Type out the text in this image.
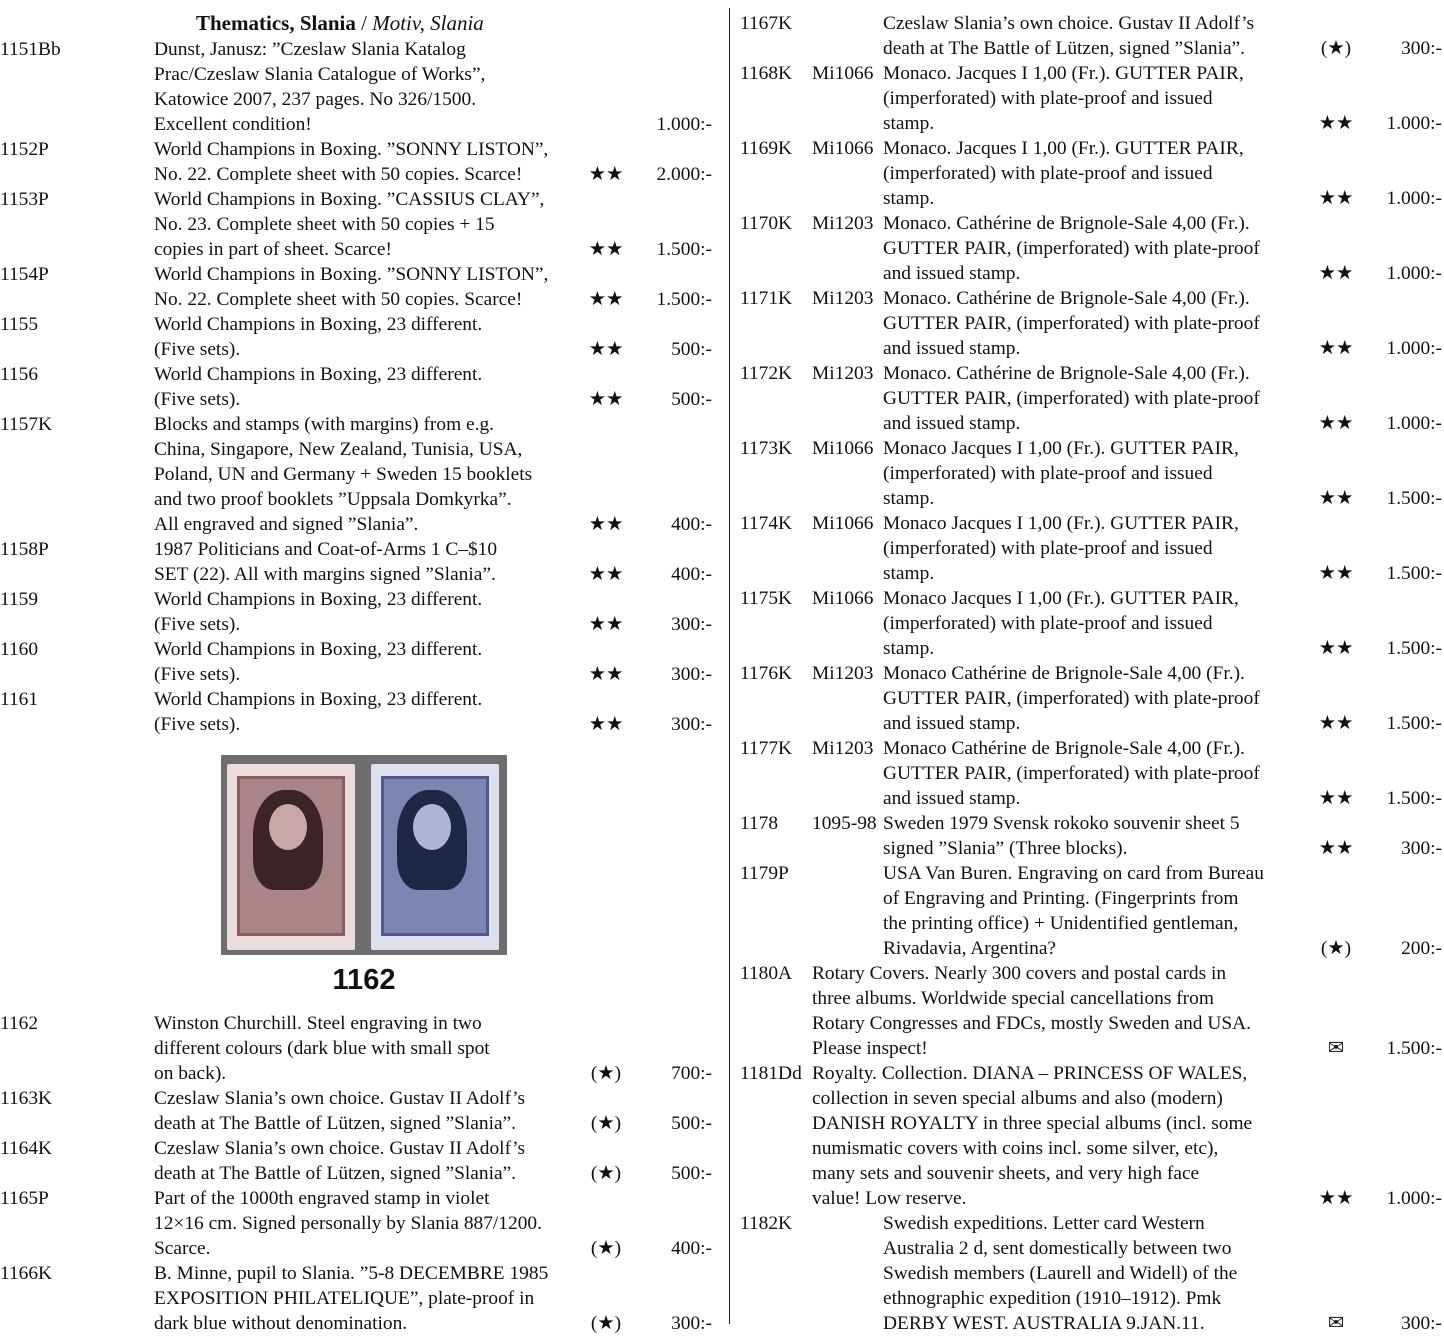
Thematics, Slania / Motiv, Slania
1151Bb	Dunst, Janusz: ”Czeslaw Slania Katalog
Prac/Czeslaw Slania Catalogue of Works”,
Katowice 2007, 237 pages. No 326/1500.
Excellent condition!	1.000:-
1152P	World Champions in Boxing. ”SONNY LISTON”,
No. 22. Complete sheet with 50 copies. Scarce!	★★	2.000:-
1153P	World Champions in Boxing. ”CASSIUS CLAY”,
No. 23. Complete sheet with 50 copies + 15
copies in part of sheet. Scarce!	★★	1.500:-
1154P	World Champions in Boxing. ”SONNY LISTON”,
No. 22. Complete sheet with 50 copies. Scarce!	★★	1.500:-
1155	World Champions in Boxing, 23 different.
(Five sets).	★★	500:-
1156	World Champions in Boxing, 23 different.
(Five sets).	★★	500:-
1157K	Blocks and stamps (with margins) from e.g.
China, Singapore, New Zealand, Tunisia, USA,
Poland, UN and Germany + Sweden 15 booklets
and two proof booklets ”Uppsala Domkyrka”.
All engraved and signed ”Slania”.	★★	400:-
1158P	1987 Politicians and Coat-of-Arms 1 C–$10
SET (22). All with margins signed ”Slania”.	★★	400:-
1159	World Champions in Boxing, 23 different.
(Five sets).	★★	300:-
1160	World Champions in Boxing, 23 different.
(Five sets).	★★	300:-
1161	World Champions in Boxing, 23 different.
(Five sets).	★★	300:-
1162	Winston Churchill. Steel engraving in two
different colours (dark blue with small spot
on back).	(★)	700:-
1163K	Czeslaw Slania’s own choice. Gustav II Adolf’s
death at The Battle of Lützen, signed ”Slania”.	(★)	500:-
1164K	Czeslaw Slania’s own choice. Gustav II Adolf’s
death at The Battle of Lützen, signed ”Slania”.	(★)	500:-
1165P	Part of the 1000th engraved stamp in violet
12×16 cm. Signed personally by Slania 887/1200.
Scarce.	(★)	400:-
1166K	B. Minne, pupil to Slania. ”5-8 DECEMBRE 1985
EXPOSITION PHILATELIQUE”, plate-proof in
dark blue without denomination.	(★)	300:-
1162
1167K	Czeslaw Slania’s own choice. Gustav II Adolf’s
death at The Battle of Lützen, signed ”Slania”.	(★)	300:-
1168K Mi1066 Monaco. Jacques I 1,00 (Fr.). GUTTER PAIR,
(imperforated) with plate-proof and issued
stamp.	★★	1.000:-
1169K Mi1066 Monaco. Jacques I 1,00 (Fr.). GUTTER PAIR,
(imperforated) with plate-proof and issued
stamp.	★★	1.000:-
1170K Mi1203 Monaco. Cathérine de Brignole-Sale 4,00 (Fr.).
GUTTER PAIR, (imperforated) with plate-proof
and issued stamp.	★★	1.000:-
1171K Mi1203 Monaco. Cathérine de Brignole-Sale 4,00 (Fr.).
GUTTER PAIR, (imperforated) with plate-proof
and issued stamp.	★★	1.000:-
1172K Mi1203 Monaco. Cathérine de Brignole-Sale 4,00 (Fr.).
GUTTER PAIR, (imperforated) with plate-proof
and issued stamp.	★★	1.000:-
1173K Mi1066 Monaco Jacques I 1,00 (Fr.). GUTTER PAIR,
(imperforated) with plate-proof and issued
stamp.	★★	1.500:-
1174K Mi1066 Monaco Jacques I 1,00 (Fr.). GUTTER PAIR,
(imperforated) with plate-proof and issued
stamp.	★★	1.500:-
1175K Mi1066 Monaco Jacques I 1,00 (Fr.). GUTTER PAIR,
(imperforated) with plate-proof and issued
stamp.	★★	1.500:-
1176K Mi1203 Monaco Cathérine de Brignole-Sale 4,00 (Fr.).
GUTTER PAIR, (imperforated) with plate-proof
and issued stamp.	★★	1.500:-
1177K Mi1203 Monaco Cathérine de Brignole-Sale 4,00 (Fr.).
GUTTER PAIR, (imperforated) with plate-proof
and issued stamp.	★★	1.500:-
1178 1095-98 Sweden 1979 Svensk rokoko souvenir sheet 5
signed ”Slania” (Three blocks).	★★	300:-
1179P	USA Van Buren. Engraving on card from Bureau
of Engraving and Printing. (Fingerprints from
the printing office) + Unidentified gentleman,
Rivadavia, Argentina?	(★)	200:-
1180A Rotary Covers. Nearly 300 covers and postal cards in
three albums. Worldwide special cancellations from
Rotary Congresses and FDCs, mostly Sweden and USA.
Please inspect!	✉	1.500:-
1181Dd Royalty. Collection. DIANA – PRINCESS OF WALES,
collection in seven special albums and also (modern)
DANISH ROYALTY in three special albums (incl. some
numismatic covers with coins incl. some silver, etc),
many sets and souvenir sheets, and very high face
value! Low reserve.	★★	1.000:-
1182K	Swedish expeditions. Letter card Western
Australia 2 d, sent domestically between two
Swedish members (Laurell and Widell) of the
ethnographic expedition (1910–1912). Pmk
DERBY WEST. AUSTRALIA 9.JAN.11.	✉	300:-
